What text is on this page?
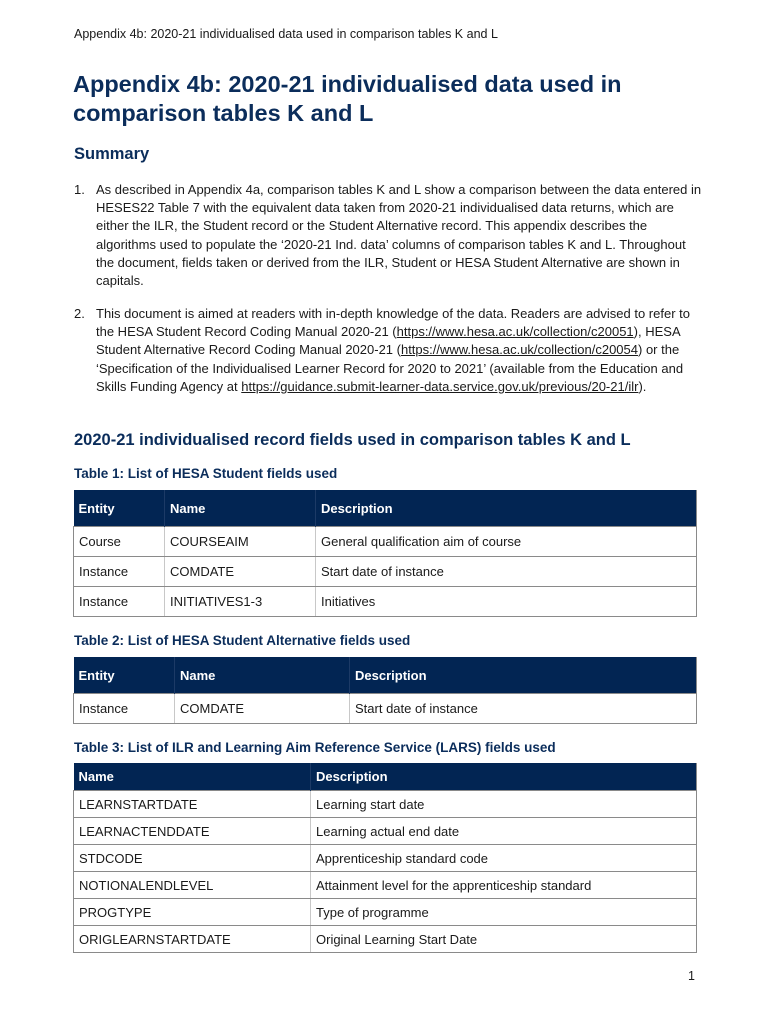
Appendix 4b: 2020-21 individualised data used in comparison tables K and L
Appendix 4b: 2020-21 individualised data used in comparison tables K and L
Summary
1. As described in Appendix 4a, comparison tables K and L show a comparison between the data entered in HESES22 Table 7 with the equivalent data taken from 2020-21 individualised data returns, which are either the ILR, the Student record or the Student Alternative record. This appendix describes the algorithms used to populate the ‘2020-21 Ind. data’ columns of comparison tables K and L. Throughout the document, fields taken or derived from the ILR, Student or HESA Student Alternative are shown in capitals.
2. This document is aimed at readers with in-depth knowledge of the data. Readers are advised to refer to the HESA Student Record Coding Manual 2020-21 (https://www.hesa.ac.uk/collection/c20051), HESA Student Alternative Record Coding Manual 2020-21 (https://www.hesa.ac.uk/collection/c20054) or the ‘Specification of the Individualised Learner Record for 2020 to 2021’ (available from the Education and Skills Funding Agency at https://guidance.submit-learner-data.service.gov.uk/previous/20-21/ilr).
2020-21 individualised record fields used in comparison tables K and L
Table 1: List of HESA Student fields used
Entity	Name	Description
Course	COURSEAIM	General qualification aim of course
Instance	COMDATE	Start date of instance
Instance	INITIATIVES1-3	Initiatives
Table 2: List of HESA Student Alternative fields used
Entity	Name	Description
Instance	COMDATE	Start date of instance
Table 3: List of ILR and Learning Aim Reference Service (LARS) fields used
Name	Description
LEARNSTARTDATE	Learning start date
LEARNACTENDDATE	Learning actual end date
STDCODE	Apprenticeship standard code
NOTIONALENDLEVEL	Attainment level for the apprenticeship standard
PROGTYPE	Type of programme
ORIGLEARNSTARTDATE	Original Learning Start Date
1
